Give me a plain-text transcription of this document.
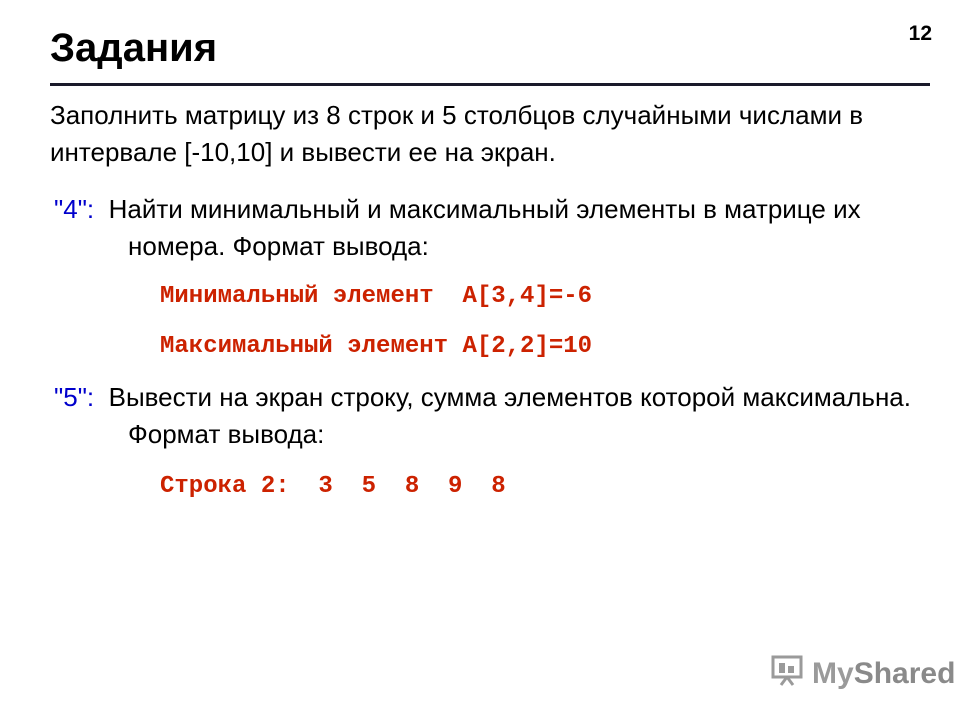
Задания	12
Заполнить матрицу из 8 строк и 5 столбцов случайными числами в интервале [-10,10] и вывести ее на экран.
"4": Найти минимальный и максимальный элементы в матрице их номера. Формат вывода:
Минимальный элемент  A[3,4]=-6
Максимальный элемент A[2,2]=10
"5": Вывести на экран строку, сумма элементов которой максимальна. Формат вывода:
Строка 2:  3  5  8  9  8
MyShared
